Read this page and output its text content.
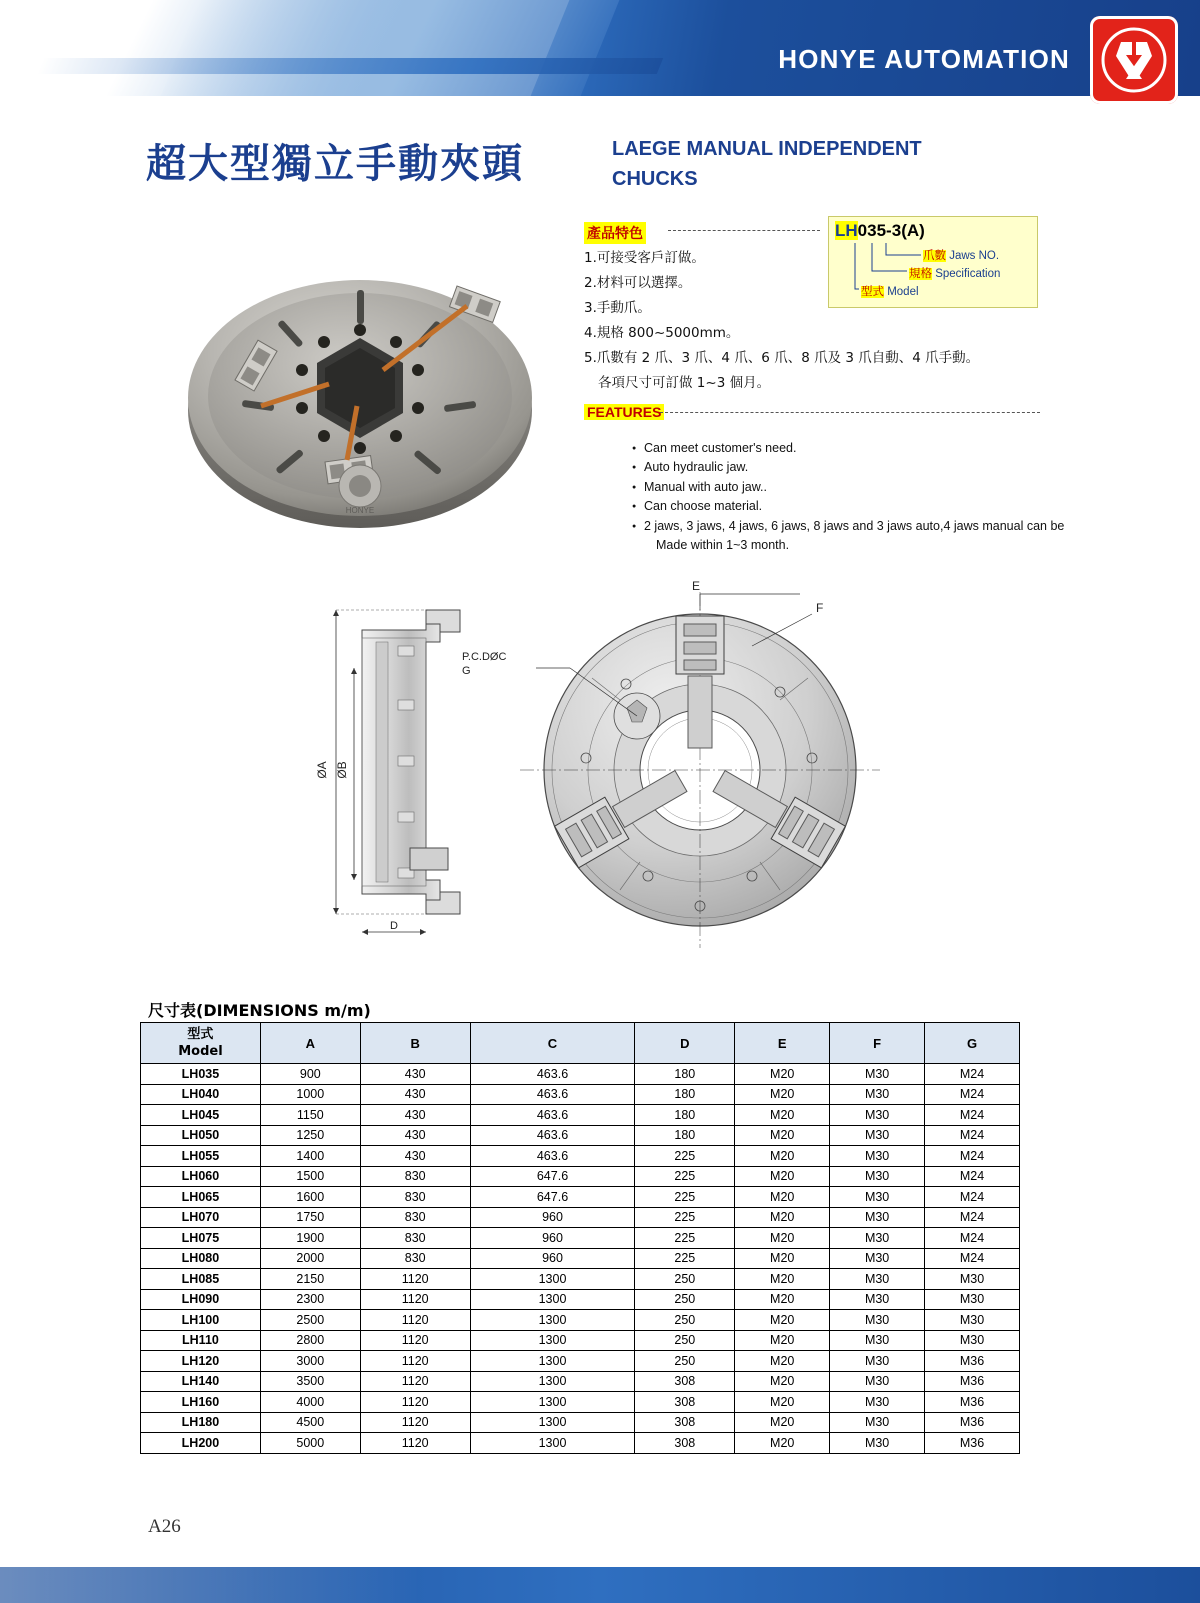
HONYE AUTOMATION
超大型獨立手動夾頭	LAEGE MANUAL INDEPENDENT
CHUCKS
HONYE
產品特色
1.可接受客戶訂做。
2.材料可以選擇。
3.手動爪。
4.規格 800~5000mm。
5.爪數有 2 爪、3 爪、4 爪、6 爪、8 爪及 3 爪自動、4 爪手動。
各項尺寸可訂做 1~3 個月。
LH035-3(A)
爪數 Jaws NO.
規格 Specification
型式 Model
FEATURES
● Can meet customer's need.
● Auto hydraulic jaw.
● Manual with auto jaw..
● Can choose material.
● 2 jaws, 3 jaws, 4 jaws, 6 jaws, 8 jaws and 3 jaws auto,4 jaws manual can be
Made within 1~3 month.
D
ØA ØB
E
F
P.C.DØC
G
尺寸表(DIMENSIONS m/m)
型式
Model	A	B	C	D	E	F	G
LH035	900	430	463.6	180	M20	M30	M24
LH040	1000	430	463.6	180	M20	M30	M24
LH045	1150	430	463.6	180	M20	M30	M24
LH050	1250	430	463.6	180	M20	M30	M24
LH055	1400	430	463.6	225	M20	M30	M24
LH060	1500	830	647.6	225	M20	M30	M24
LH065	1600	830	647.6	225	M20	M30	M24
LH070	1750	830	960	225	M20	M30	M24
LH075	1900	830	960	225	M20	M30	M24
LH080	2000	830	960	225	M20	M30	M24
LH085	2150	1120	1300	250	M20	M30	M30
LH090	2300	1120	1300	250	M20	M30	M30
LH100	2500	1120	1300	250	M20	M30	M30
LH110	2800	1120	1300	250	M20	M30	M30
LH120	3000	1120	1300	250	M20	M30	M36
LH140	3500	1120	1300	308	M20	M30	M36
LH160	4000	1120	1300	308	M20	M30	M36
LH180	4500	1120	1300	308	M20	M30	M36
LH200	5000	1120	1300	308	M20	M30	M36
A26
